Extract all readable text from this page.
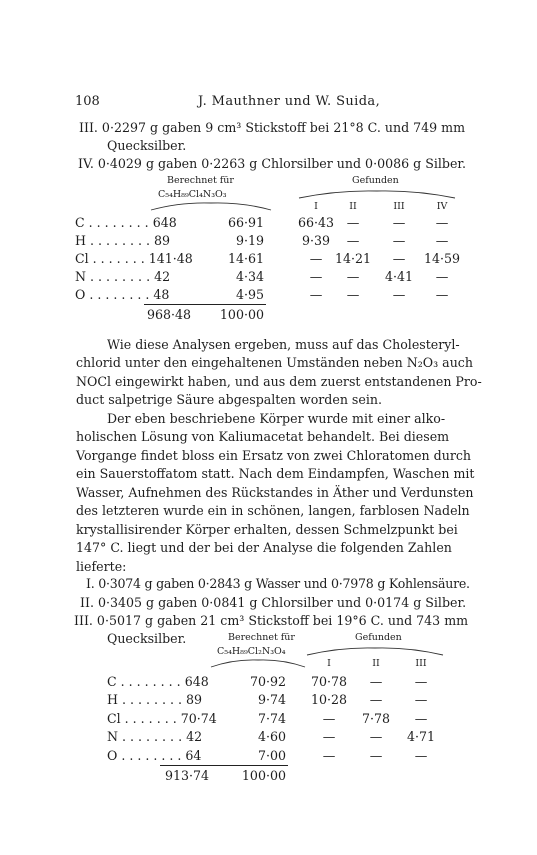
108	J. Mauthner und W. Suida,
III. 0·2297 g gaben 9 cm³ Stickstoff bei 21°8 C. und 749 mm
Quecksilber.
IV. 0·4029 g gaben 0·2263 g Chlorsilber und 0·0086 g Silber.
Berechnet für
C₅₄H₈₉Cl₄N₃O₃
Gefunden
I	II	III	IV
C . . . . . . . . 648	66·91	66·43	—	—	—
H . . . . . . . . 89	9·19	9·39	—	—	—
Cl . . . . . . . 141·48	14·61	—	14·21	—	14·59
N . . . . . . . . 42	4·34	—	—	4·41	—
O . . . . . . . . 48	4·95	—	—	—	—
968·48	100·00
Wie diese Analysen ergeben, muss auf das Cholesteryl-
chlorid unter den eingehaltenen Umständen neben N₂O₃ auch
NOCl eingewirkt haben, und aus dem zuerst entstandenen Pro-
duct salpetrige Säure abgespalten worden sein.
Der eben beschriebene Körper wurde mit einer alko-
holischen Lösung von Kaliumacetat behandelt. Bei diesem
Vorgange findet bloss ein Ersatz von zwei Chloratomen durch
ein Sauerstoffatom statt. Nach dem Eindampfen, Waschen mit
Wasser, Aufnehmen des Rückstandes in Äther und Verdunsten
des letzteren wurde ein in schönen, langen, farblosen Nadeln
krystallisirender Körper erhalten, dessen Schmelzpunkt bei
147° C. liegt und der bei der Analyse die folgenden Zahlen
lieferte:
I. 0·3074 g gaben 0·2843 g Wasser und 0·7978 g Kohlensäure.
II. 0·3405 g gaben 0·0841 g Chlorsilber und 0·0174 g Silber.
III. 0·5017 g gaben 21 cm³ Stickstoff bei 19°6 C. und 743 mm
Quecksilber.	Berechnet für
C₅₄H₈₉Cl₂N₃O₄
Gefunden
I	II	III
C . . . . . . . . 648	70·92	70·78	—	—
H . . . . . . . . 89	9·74	10·28	—	—
Cl . . . . . . . 70·74	7·74	—	7·78	—
N . . . . . . . . 42	4·60	—	—	4·71
O . . . . . . . . 64	7·00	—	—	—
913·74	100·00
